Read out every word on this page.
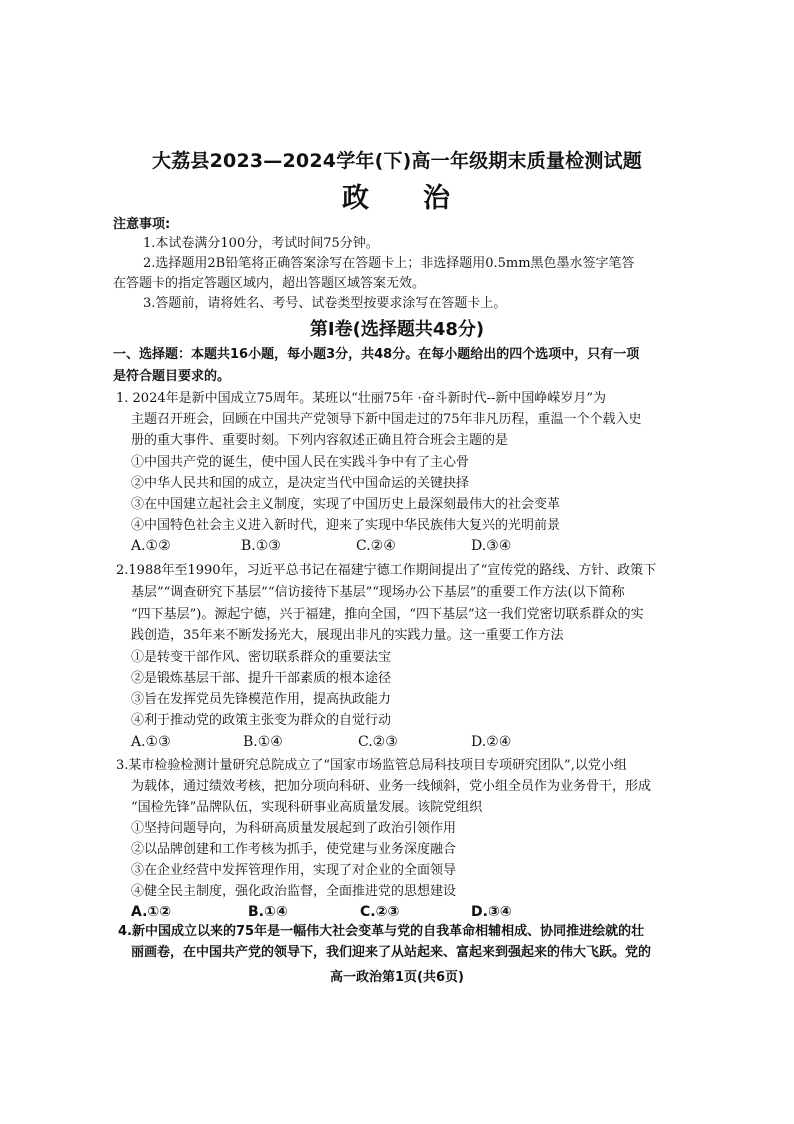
大荔县2023—2024学年(下)高一年级期末质量检测试题
政 治
注意事项:
1.本试卷满分100分，考试时间75分钟。
2.选择题用2B铅笔将正确答案涂写在答题卡上；非选择题用0.5mm黑色墨水签字笔答
在答题卡的指定答题区域内，超出答题区域答案无效。
3.答题前，请将姓名、考号、试卷类型按要求涂写在答题卡上。
第Ⅰ卷(选择题共48分)
一、选择题：本题共16小题，每小题3分，共48分。在每小题给出的四个选项中，只有一项
是符合题目要求的。
1. 2024年是新中国成立75周年。某班以“壮丽75年 ·奋斗新时代--新中国峥嵘岁月”为
主题召开班会，回顾在中国共产党领导下新中国走过的75年非凡历程，重温一个个载入史
册的重大事件、重要时刻。下列内容叙述正确且符合班会主题的是
①中国共产党的诞生，使中国人民在实践斗争中有了主心骨
②中华人民共和国的成立，是决定当代中国命运的关键抉择
③在中国建立起社会主义制度，实现了中国历史上最深刻最伟大的社会变革
④中国特色社会主义进入新时代，迎来了实现中华民族伟大复兴的光明前景
A.①②	B.①③	C.②④	D.③④
2.1988年至1990年，习近平总书记在福建宁德工作期间提出了“宣传党的路线、方针、政策下
基层”“调查研究下基层”“信访接待下基层”“现场办公下基层”的重要工作方法(以下简称
“四下基层”)。源起宁德，兴于福建，推向全国，“四下基层”这一我们党密切联系群众的实
践创造，35年来不断发扬光大，展现出非凡的实践力量。这一重要工作方法
①是转变干部作风、密切联系群众的重要法宝
②是锻炼基层干部、提升干部素质的根本途径
③旨在发挥党员先锋模范作用，提高执政能力
④利于推动党的政策主张变为群众的自觉行动
A.①③	B.①④	C.②③	D.②④
3.某市检验检测计量研究总院成立了“国家市场监管总局科技项目专项研究团队”,以党小组
为载体，通过绩效考核，把加分项向科研、业务一线倾斜，党小组全员作为业务骨干，形成
“国检先锋”品牌队伍，实现科研事业高质量发展。该院党组织
①坚持问题导向，为科研高质量发展起到了政治引领作用
②以品牌创建和工作考核为抓手，使党建与业务深度融合
③在企业经营中发挥管理作用，实现了对企业的全面领导
④健全民主制度，强化政治监督，全面推进党的思想建设
A.①②	B.①④	C.②③	D.③④
4.新中国成立以来的75年是一幅伟大社会变革与党的自我革命相辅相成、协同推进绘就的壮
丽画卷，在中国共产党的领导下，我们迎来了从站起来、富起来到强起来的伟大飞跃。党的
高一政治第1页(共6页)
